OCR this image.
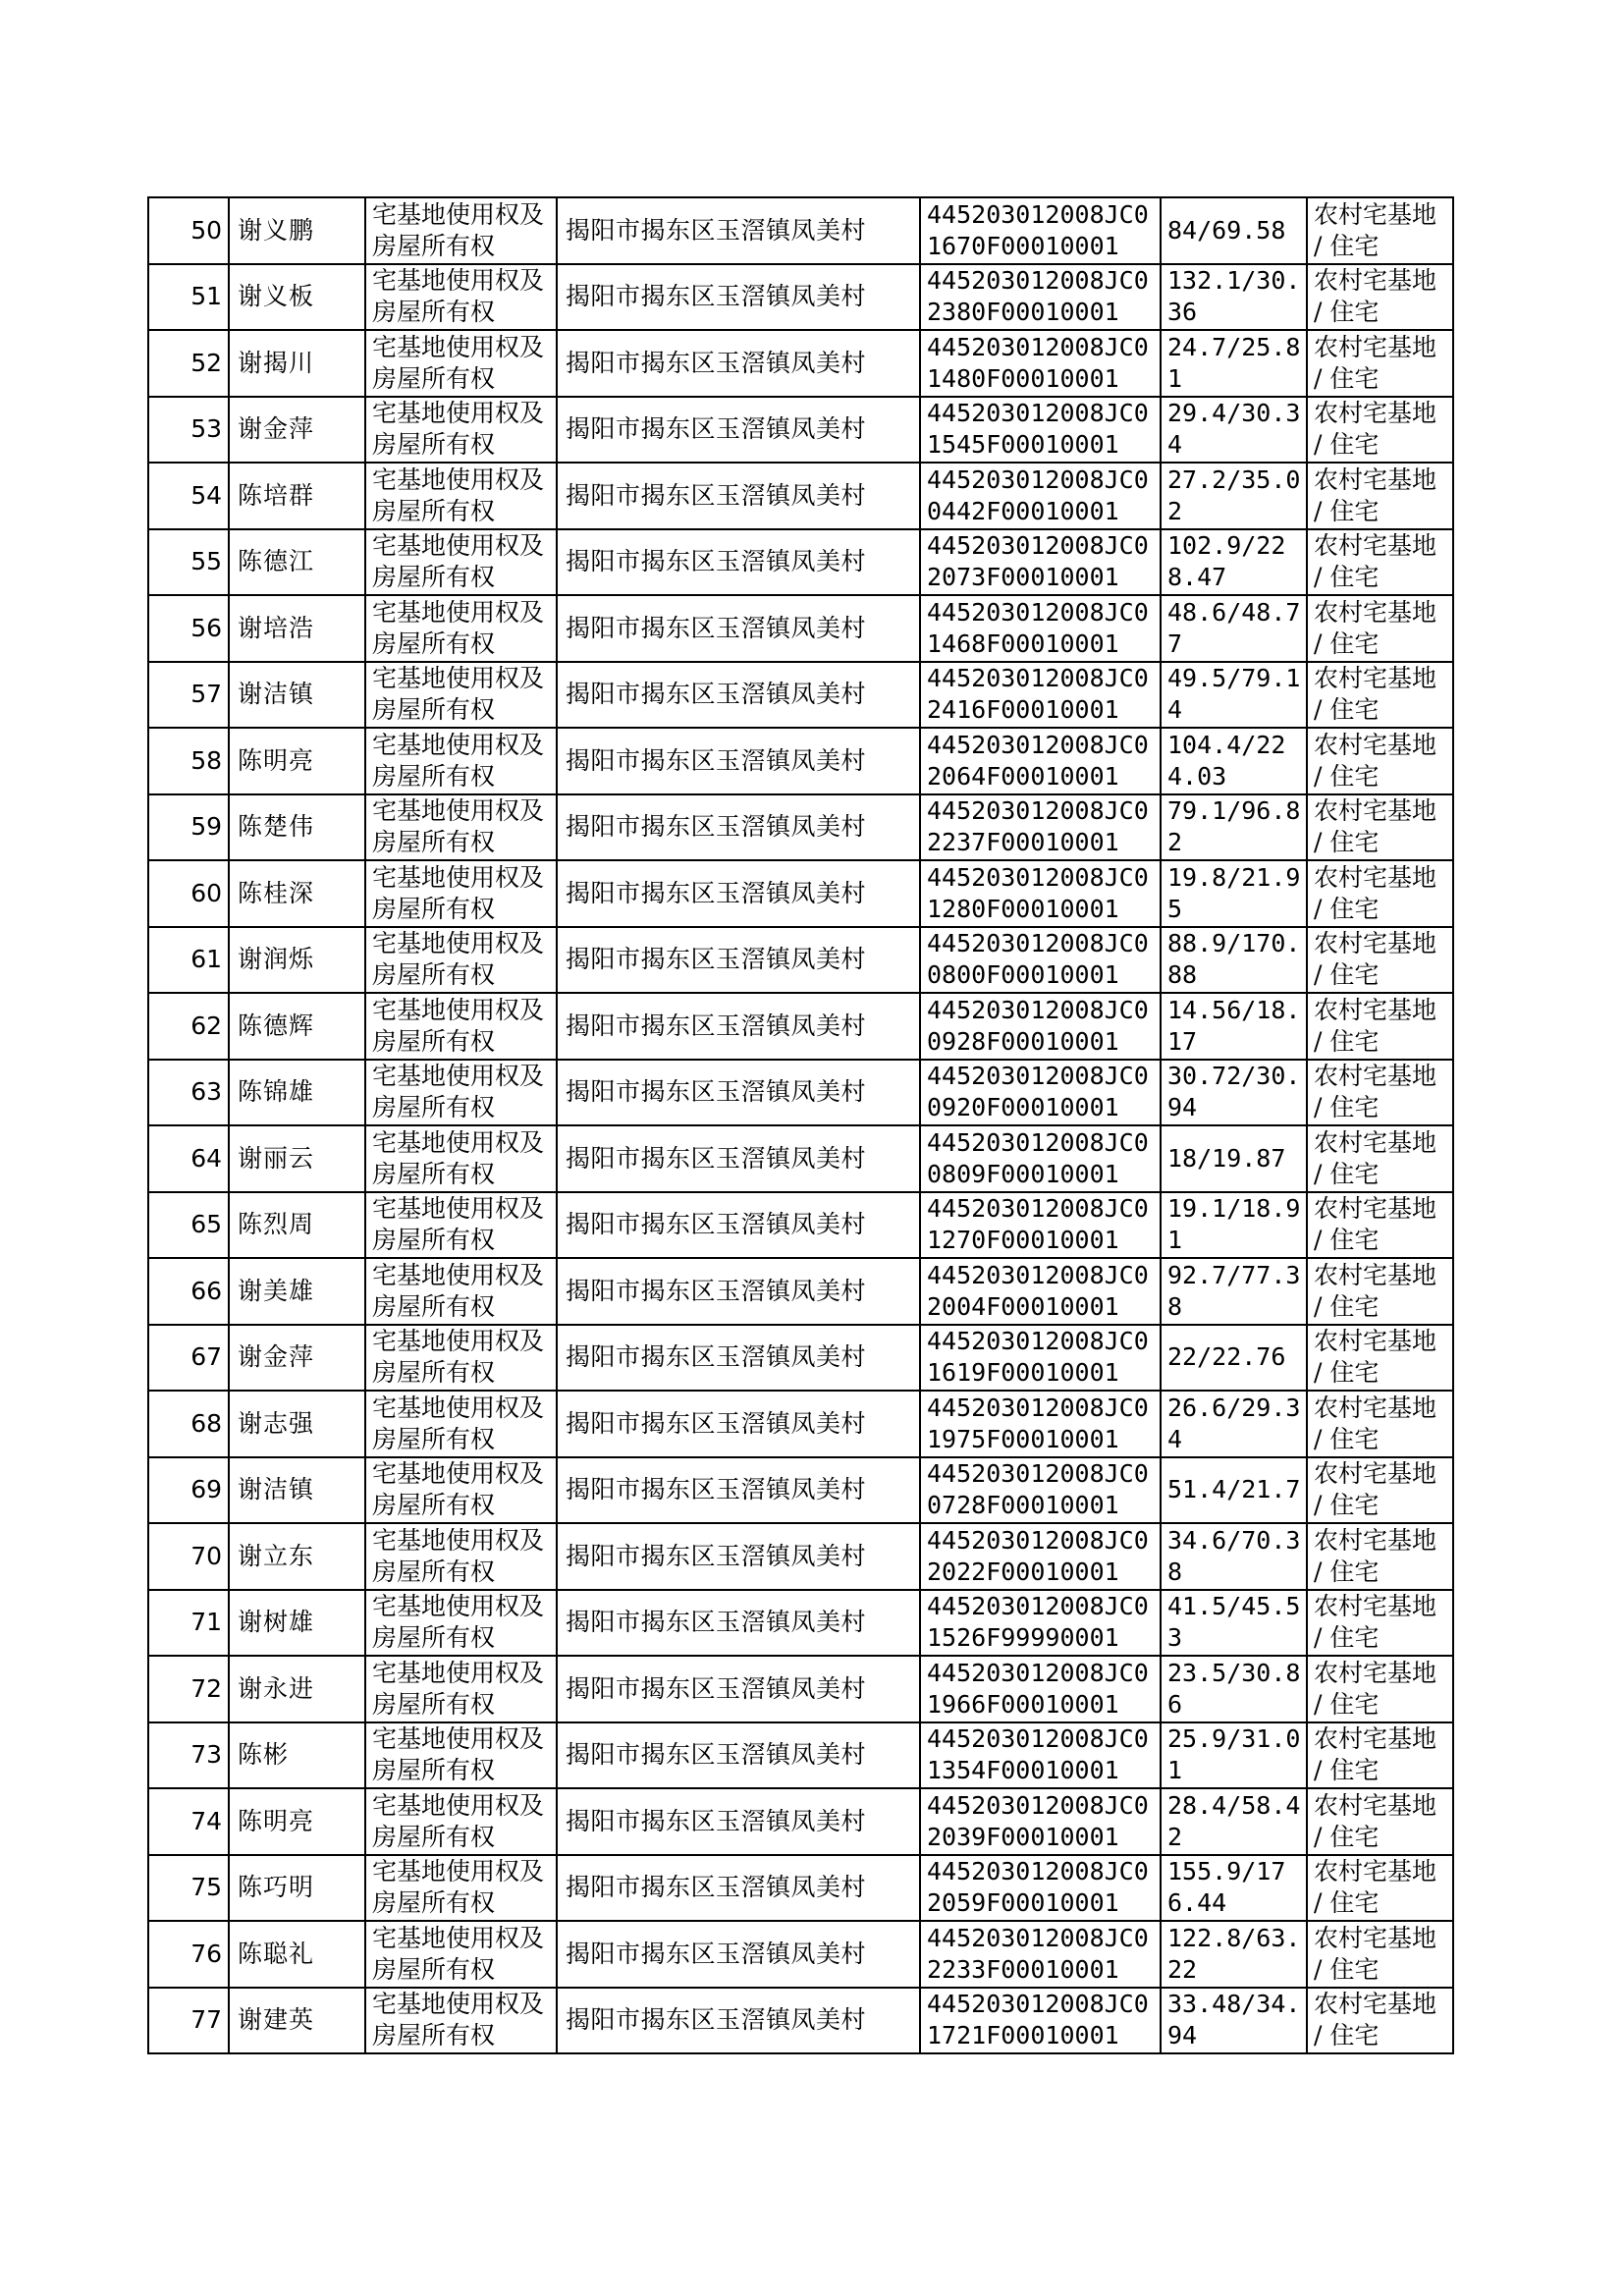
50	谢义鹏	宅基地使用权及房屋所有权	揭阳市揭东区玉滘镇凤美村	445203012008JC01670F00010001	84/69.58	农村宅基地 / 住宅
51	谢义板	宅基地使用权及房屋所有权	揭阳市揭东区玉滘镇凤美村	445203012008JC02380F00010001	132.1/30.36	农村宅基地 / 住宅
52	谢揭川	宅基地使用权及房屋所有权	揭阳市揭东区玉滘镇凤美村	445203012008JC01480F00010001	24.7/25.81	农村宅基地 / 住宅
53	谢金萍	宅基地使用权及房屋所有权	揭阳市揭东区玉滘镇凤美村	445203012008JC01545F00010001	29.4/30.34	农村宅基地 / 住宅
54	陈培群	宅基地使用权及房屋所有权	揭阳市揭东区玉滘镇凤美村	445203012008JC00442F00010001	27.2/35.02	农村宅基地 / 住宅
55	陈德江	宅基地使用权及房屋所有权	揭阳市揭东区玉滘镇凤美村	445203012008JC02073F00010001	102.9/228.47	农村宅基地 / 住宅
56	谢培浩	宅基地使用权及房屋所有权	揭阳市揭东区玉滘镇凤美村	445203012008JC01468F00010001	48.6/48.77	农村宅基地 / 住宅
57	谢洁镇	宅基地使用权及房屋所有权	揭阳市揭东区玉滘镇凤美村	445203012008JC02416F00010001	49.5/79.14	农村宅基地 / 住宅
58	陈明亮	宅基地使用权及房屋所有权	揭阳市揭东区玉滘镇凤美村	445203012008JC02064F00010001	104.4/224.03	农村宅基地 / 住宅
59	陈楚伟	宅基地使用权及房屋所有权	揭阳市揭东区玉滘镇凤美村	445203012008JC02237F00010001	79.1/96.82	农村宅基地 / 住宅
60	陈桂深	宅基地使用权及房屋所有权	揭阳市揭东区玉滘镇凤美村	445203012008JC01280F00010001	19.8/21.95	农村宅基地 / 住宅
61	谢润烁	宅基地使用权及房屋所有权	揭阳市揭东区玉滘镇凤美村	445203012008JC00800F00010001	88.9/170.88	农村宅基地 / 住宅
62	陈德辉	宅基地使用权及房屋所有权	揭阳市揭东区玉滘镇凤美村	445203012008JC00928F00010001	14.56/18.17	农村宅基地 / 住宅
63	陈锦雄	宅基地使用权及房屋所有权	揭阳市揭东区玉滘镇凤美村	445203012008JC00920F00010001	30.72/30.94	农村宅基地 / 住宅
64	谢丽云	宅基地使用权及房屋所有权	揭阳市揭东区玉滘镇凤美村	445203012008JC00809F00010001	18/19.87	农村宅基地 / 住宅
65	陈烈周	宅基地使用权及房屋所有权	揭阳市揭东区玉滘镇凤美村	445203012008JC01270F00010001	19.1/18.91	农村宅基地 / 住宅
66	谢美雄	宅基地使用权及房屋所有权	揭阳市揭东区玉滘镇凤美村	445203012008JC02004F00010001	92.7/77.38	农村宅基地 / 住宅
67	谢金萍	宅基地使用权及房屋所有权	揭阳市揭东区玉滘镇凤美村	445203012008JC01619F00010001	22/22.76	农村宅基地 / 住宅
68	谢志强	宅基地使用权及房屋所有权	揭阳市揭东区玉滘镇凤美村	445203012008JC01975F00010001	26.6/29.34	农村宅基地 / 住宅
69	谢洁镇	宅基地使用权及房屋所有权	揭阳市揭东区玉滘镇凤美村	445203012008JC00728F00010001	51.4/21.7	农村宅基地 / 住宅
70	谢立东	宅基地使用权及房屋所有权	揭阳市揭东区玉滘镇凤美村	445203012008JC02022F00010001	34.6/70.38	农村宅基地 / 住宅
71	谢树雄	宅基地使用权及房屋所有权	揭阳市揭东区玉滘镇凤美村	445203012008JC01526F99990001	41.5/45.53	农村宅基地 / 住宅
72	谢永进	宅基地使用权及房屋所有权	揭阳市揭东区玉滘镇凤美村	445203012008JC01966F00010001	23.5/30.86	农村宅基地 / 住宅
73	陈彬	宅基地使用权及房屋所有权	揭阳市揭东区玉滘镇凤美村	445203012008JC01354F00010001	25.9/31.01	农村宅基地 / 住宅
74	陈明亮	宅基地使用权及房屋所有权	揭阳市揭东区玉滘镇凤美村	445203012008JC02039F00010001	28.4/58.42	农村宅基地 / 住宅
75	陈巧明	宅基地使用权及房屋所有权	揭阳市揭东区玉滘镇凤美村	445203012008JC02059F00010001	155.9/176.44	农村宅基地 / 住宅
76	陈聪礼	宅基地使用权及房屋所有权	揭阳市揭东区玉滘镇凤美村	445203012008JC02233F00010001	122.8/63.22	农村宅基地 / 住宅
77	谢建英	宅基地使用权及房屋所有权	揭阳市揭东区玉滘镇凤美村	445203012008JC01721F00010001	33.48/34.94	农村宅基地 / 住宅
